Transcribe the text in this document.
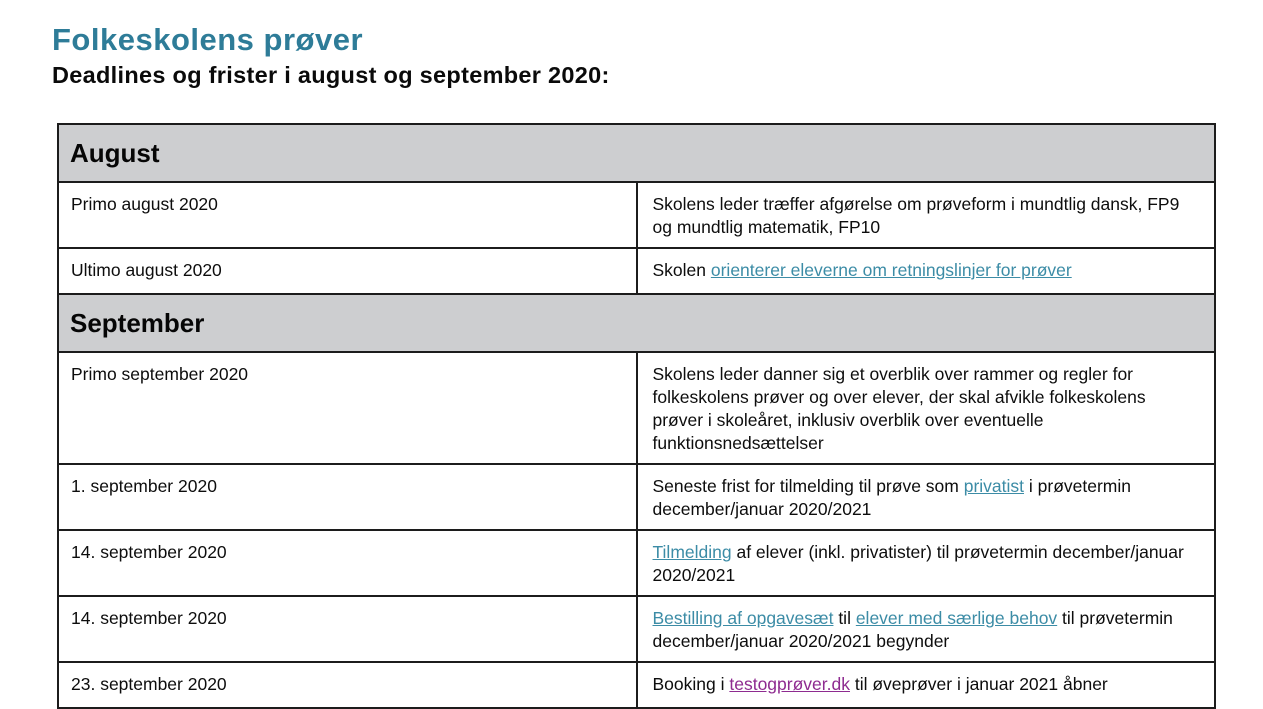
Folkeskolens prøver
Deadlines og frister i august og september 2020:
August	
Primo august 2020	Skolens leder træffer afgørelse om prøveform i mundtlig dansk, FP9 og mundtlig matematik, FP10
Ultimo august 2020	Skolen orienterer eleverne om retningslinjer for prøver
September	
Primo september 2020	Skolens leder danner sig et overblik over rammer og regler for folkeskolens prøver og over elever, der skal afvikle folkeskolens prøver i skoleåret, inklusiv overblik over eventuelle funktionsnedsættelser
1. september 2020	Seneste frist for tilmelding til prøve som privatist i prøvetermin december/januar 2020/2021
14. september 2020	Tilmelding af elever (inkl. privatister) til prøvetermin december/januar 2020/2021
14. september 2020	Bestilling af opgavesæt til elever med særlige behov til prøvetermin december/januar 2020/2021 begynder
23. september 2020	Booking i testogprøver.dk til øveprøver i januar 2021 åbner
